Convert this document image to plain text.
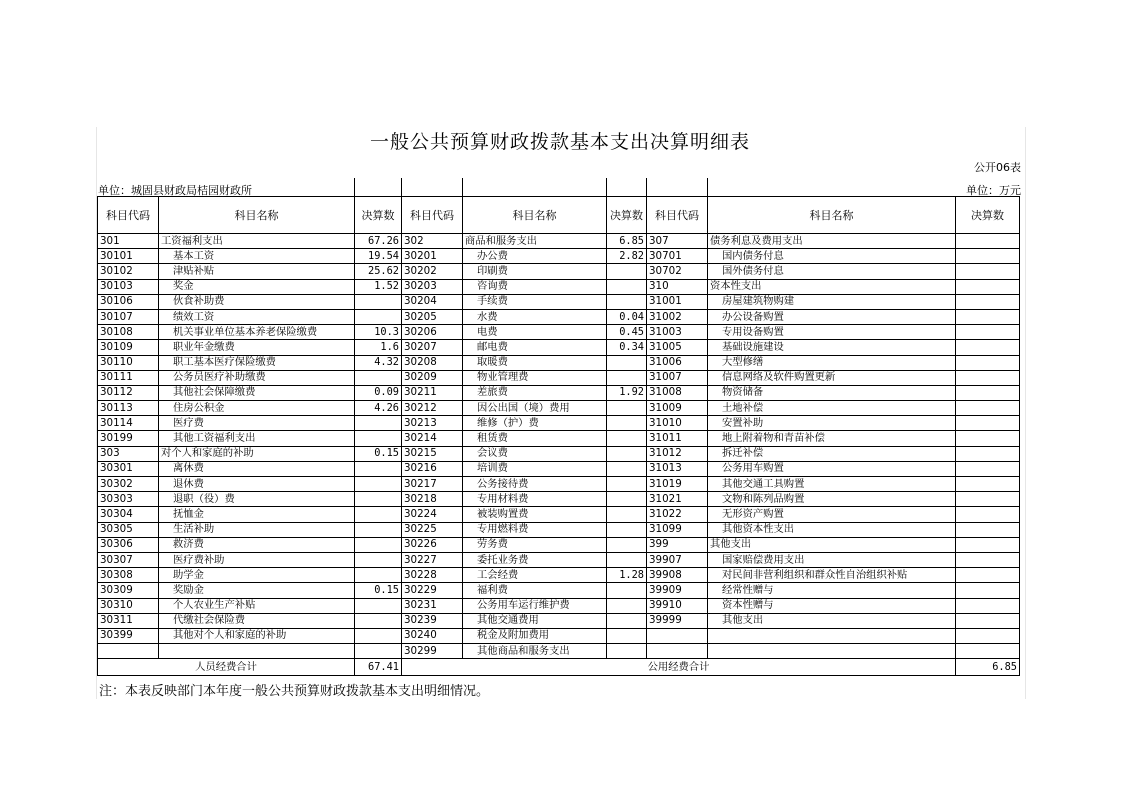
一般公共预算财政拨款基本支出决算明细表
公开06表
单位：城固县财政局桔园财政所	单位：万元

科目代码	科目名称	决算数	科目代码	科目名称	决算数	科目代码	科目名称	决算数
301	工资福利支出	67.26	302	商品和服务支出	6.85	307	债务利息及费用支出	
30101	基本工资	19.54	30201	办公费	2.82	30701	国内债务付息	
30102	津贴补贴	25.62	30202	印刷费		30702	国外债务付息	
30103	奖金	1.52	30203	咨询费		310	资本性支出	
30106	伙食补助费		30204	手续费		31001	房屋建筑物购建	
30107	绩效工资		30205	水费	0.04	31002	办公设备购置	
30108	机关事业单位基本养老保险缴费	10.3	30206	电费	0.45	31003	专用设备购置	
30109	职业年金缴费	1.6	30207	邮电费	0.34	31005	基础设施建设	
30110	职工基本医疗保险缴费	4.32	30208	取暖费		31006	大型修缮	
30111	公务员医疗补助缴费		30209	物业管理费		31007	信息网络及软件购置更新	
30112	其他社会保障缴费	0.09	30211	差旅费	1.92	31008	物资储备	
30113	住房公积金	4.26	30212	因公出国（境）费用		31009	土地补偿	
30114	医疗费		30213	维修（护）费		31010	安置补助	
30199	其他工资福利支出		30214	租赁费		31011	地上附着物和青苗补偿	
303	对个人和家庭的补助	0.15	30215	会议费		31012	拆迁补偿	
30301	离休费		30216	培训费		31013	公务用车购置	
30302	退休费		30217	公务接待费		31019	其他交通工具购置	
30303	退职（役）费		30218	专用材料费		31021	文物和陈列品购置	
30304	抚恤金		30224	被装购置费		31022	无形资产购置	
30305	生活补助		30225	专用燃料费		31099	其他资本性支出	
30306	救济费		30226	劳务费		399	其他支出	
30307	医疗费补助		30227	委托业务费		39907	国家赔偿费用支出	
30308	助学金		30228	工会经费	1.28	39908	对民间非营利组织和群众性自治组织补贴	
30309	奖励金	0.15	30229	福利费		39909	经常性赠与	
30310	个人农业生产补贴		30231	公务用车运行维护费		39910	资本性赠与	
30311	代缴社会保险费		30239	其他交通费用		39999	其他支出	
30399	其他对个人和家庭的补助		30240	税金及附加费用				
			30299	其他商品和服务支出				
人员经费合计		67.41	公用经费合计					6.85
注：本表反映部门本年度一般公共预算财政拨款基本支出明细情况。
